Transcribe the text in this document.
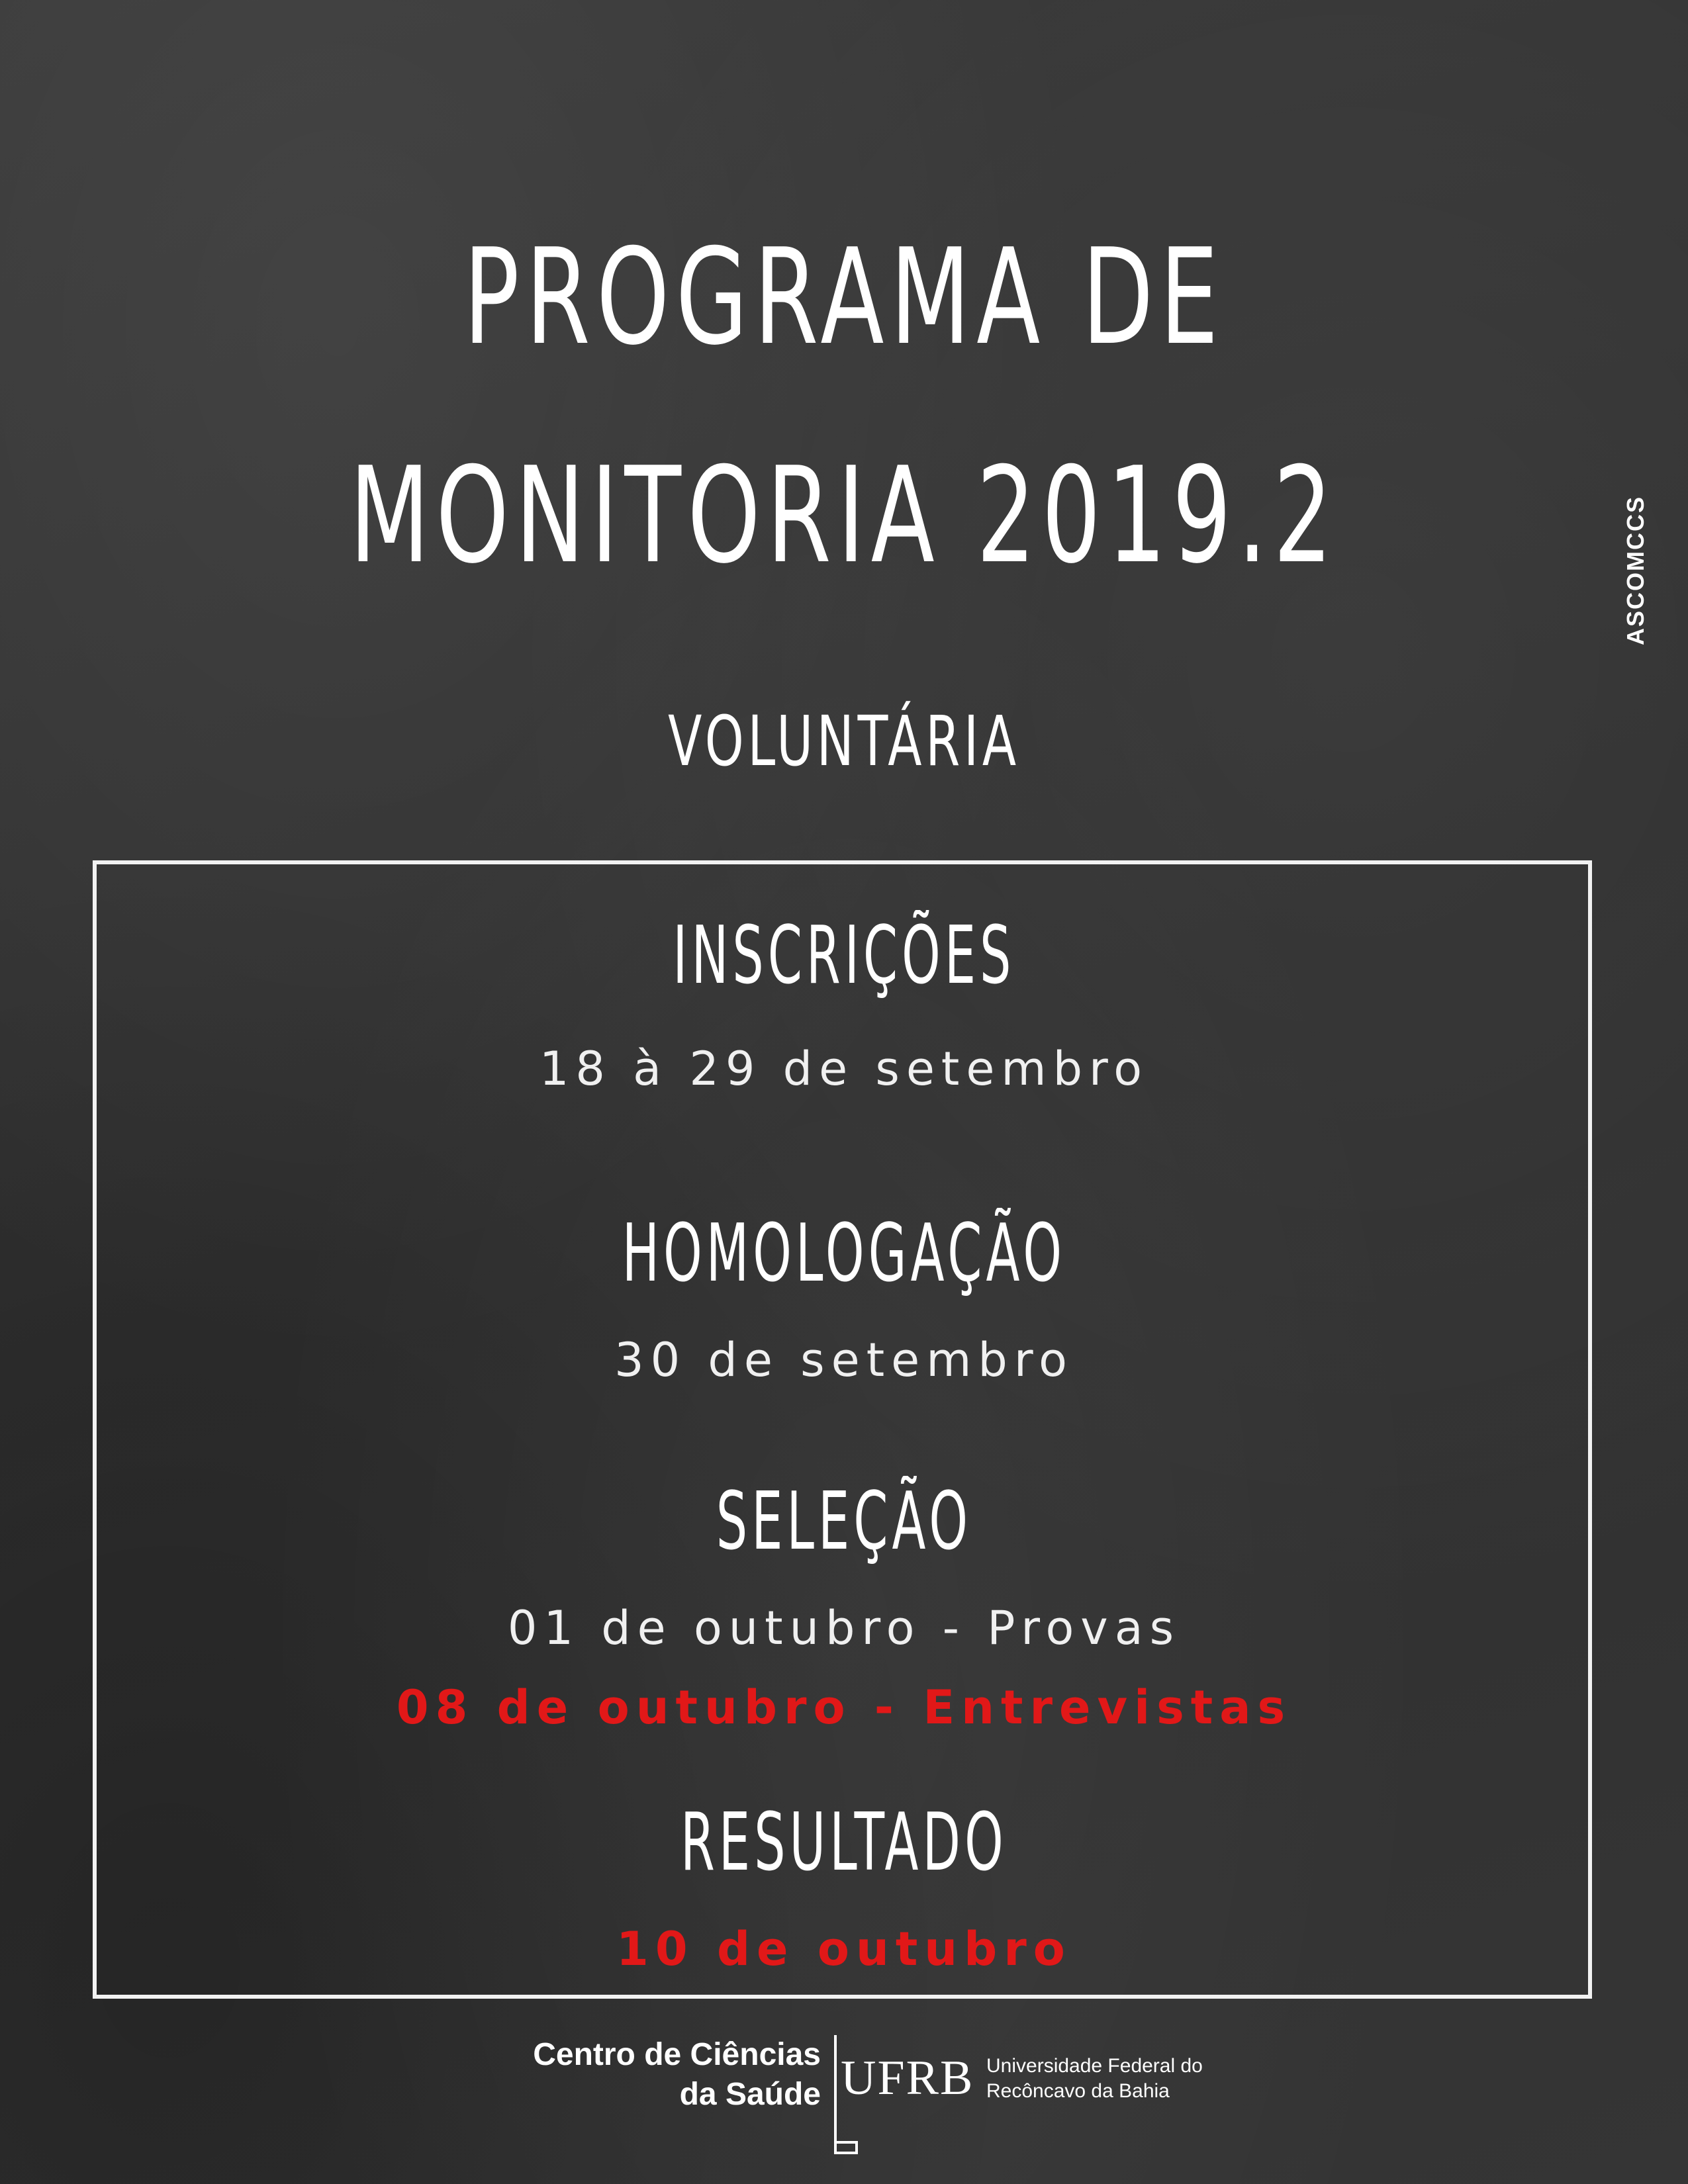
PROGRAMA DE
MONITORIA 2019.2
VOLUNTÁRIA
ASCOMCCS
INSCRIÇÕES
18 à 29 de setembro
HOMOLOGAÇÃO
30 de setembro
SELEÇÃO
01 de outubro - Provas
08 de outubro - Entrevistas
RESULTADO
10 de outubro
Centro de Ciências
da Saúde UFRB Universidade Federal do
Recôncavo da Bahia
